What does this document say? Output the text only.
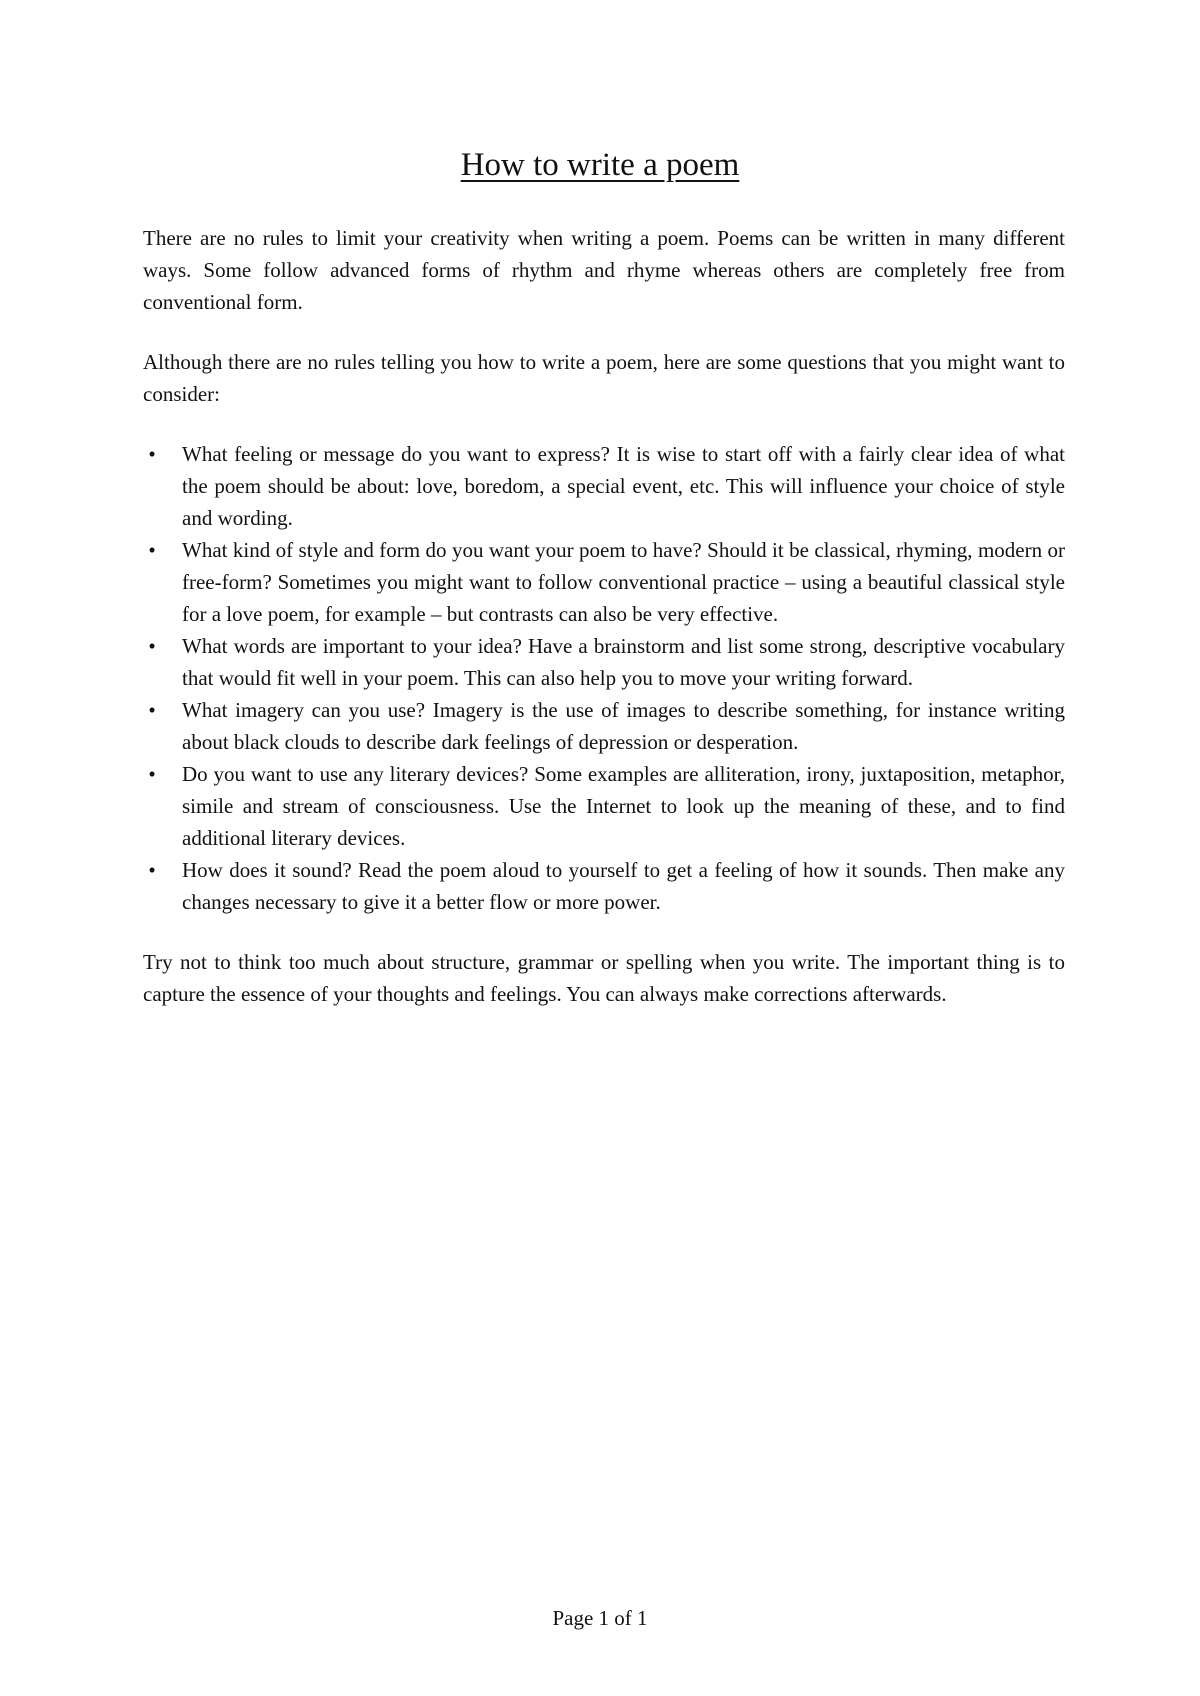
How to write a poem

There are no rules to limit your creativity when writing a poem. Poems can be written in many different ways. Some follow advanced forms of rhythm and rhyme whereas others are completely free from conventional form.

Although there are no rules telling you how to write a poem, here are some questions that you might want to consider:

• What feeling or message do you want to express? It is wise to start off with a fairly clear idea of what the poem should be about: love, boredom, a special event, etc. This will influence your choice of style and wording.
• What kind of style and form do you want your poem to have? Should it be classical, rhyming, modern or free-form? Sometimes you might want to follow conventional practice – using a beautiful classical style for a love poem, for example – but contrasts can also be very effective.
• What words are important to your idea? Have a brainstorm and list some strong, descriptive vocabulary that would fit well in your poem. This can also help you to move your writing forward.
• What imagery can you use? Imagery is the use of images to describe something, for instance writing about black clouds to describe dark feelings of depression or desperation.
• Do you want to use any literary devices? Some examples are alliteration, irony, juxtaposition, metaphor, simile and stream of consciousness. Use the Internet to look up the meaning of these, and to find additional literary devices.
• How does it sound? Read the poem aloud to yourself to get a feeling of how it sounds. Then make any changes necessary to give it a better flow or more power.

Try not to think too much about structure, grammar or spelling when you write. The important thing is to capture the essence of your thoughts and feelings. You can always make corrections afterwards.

Page 1 of 1
